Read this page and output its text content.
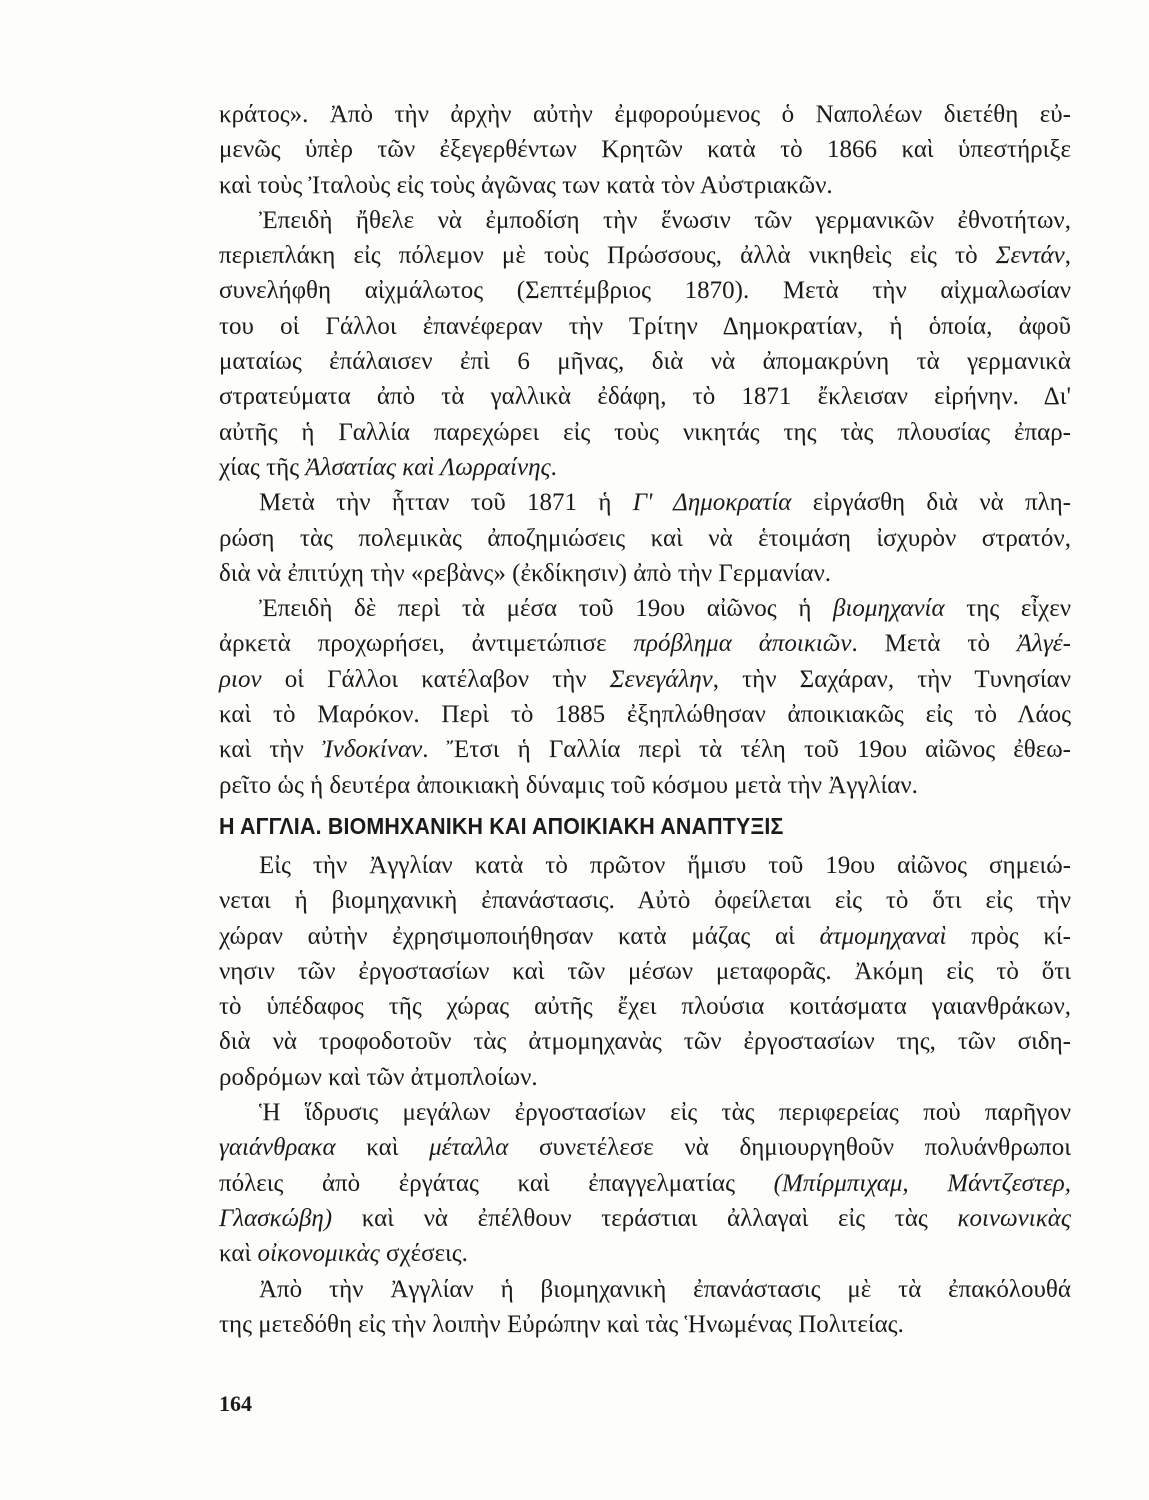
κράτος». Ἀπὸ τὴν ἀρχὴν αὐτὴν ἐμφορούμενος ὁ Ναπολέων διετέθη εὐ-
μενῶς ὑπὲρ τῶν ἐξεγερθέντων Κρητῶν κατὰ τὸ 1866 καὶ ὑπεστήριξε
καὶ τοὺς Ἰταλοὺς εἰς τοὺς ἀγῶνας των κατὰ τὸν Αὐστριακῶν.
Ἐπειδὴ ἤθελε νὰ ἐμποδίση τὴν ἕνωσιν τῶν γερμανικῶν ἐθνοτήτων,
περιεπλάκη εἰς πόλεμον μὲ τοὺς Πρώσσους, ἀλλὰ νικηθεὶς εἰς τὸ Σεντάν,
συνελήφθη αἰχμάλωτος (Σεπτέμβριος 1870). Μετὰ τὴν αἰχμαλωσίαν
του οἱ Γάλλοι ἐπανέφεραν τὴν Τρίτην Δημοκρατίαν, ἡ ὁποία, ἀφοῦ
ματαίως ἐπάλαισεν ἐπὶ 6 μῆνας, διὰ νὰ ἀπομακρύνη τὰ γερμανικὰ
στρατεύματα ἀπὸ τὰ γαλλικὰ ἐδάφη, τὸ 1871 ἔκλεισαν εἰρήνην. Δι'
αὐτῆς ἡ Γαλλία παρεχώρει εἰς τοὺς νικητάς της τὰς πλουσίας ἐπαρ-
χίας τῆς Ἀλσατίας καὶ Λωρραίνης.
Μετὰ τὴν ἧτταν τοῦ 1871 ἡ Γ' Δημοκρατία εἰργάσθη διὰ νὰ πλη-
ρώση τὰς πολεμικὰς ἀποζημιώσεις καὶ νὰ ἑτοιμάση ἰσχυρὸν στρατόν,
διὰ νὰ ἐπιτύχη τὴν «ρεβὰνς» (ἐκδίκησιν) ἀπὸ τὴν Γερμανίαν.
Ἐπειδὴ δὲ περὶ τὰ μέσα τοῦ 19ου αἰῶνος ἡ βιομηχανία της εἶχεν
ἀρκετὰ προχωρήσει, ἀντιμετώπισε πρόβλημα ἀποικιῶν. Μετὰ τὸ Ἀλγέ-
ριον οἱ Γάλλοι κατέλαβον τὴν Σενεγάλην, τὴν Σαχάραν, τὴν Τυνησίαν
καὶ τὸ Μαρόκον. Περὶ τὸ 1885 ἐξηπλώθησαν ἀποικιακῶς εἰς τὸ Λάος
καὶ τὴν Ἰνδοκίναν. Ἔτσι ἡ Γαλλία περὶ τὰ τέλη τοῦ 19ου αἰῶνος ἐθεω-
ρεῖτο ὡς ἡ δευτέρα ἀποικιακὴ δύναμις τοῦ κόσμου μετὰ τὴν Ἀγγλίαν.
Η ΑΓΓΛΙΑ. ΒΙΟΜΗΧΑΝΙΚΗ ΚΑΙ ΑΠΟΙΚΙΑΚΗ ΑΝΑΠΤΥΞΙΣ
Εἰς τὴν Ἀγγλίαν κατὰ τὸ πρῶτον ἥμισυ τοῦ 19ου αἰῶνος σημειώ-
νεται ἡ βιομηχανικὴ ἐπανάστασις. Αὐτὸ ὀφείλεται εἰς τὸ ὅτι εἰς τὴν
χώραν αὐτὴν ἐχρησιμοποιήθησαν κατὰ μάζας αἱ ἀτμομηχαναὶ πρὸς κί-
νησιν τῶν ἐργοστασίων καὶ τῶν μέσων μεταφορᾶς. Ἀκόμη εἰς τὸ ὅτι
τὸ ὑπέδαφος τῆς χώρας αὐτῆς ἔχει πλούσια κοιτάσματα γαιανθράκων,
διὰ νὰ τροφοδοτοῦν τὰς ἀτμομηχανὰς τῶν ἐργοστασίων της, τῶν σιδη-
ροδρόμων καὶ τῶν ἀτμοπλοίων.
Ἡ ἵδρυσις μεγάλων ἐργοστασίων εἰς τὰς περιφερείας ποὺ παρῆγον
γαιάνθρακα καὶ μέταλλα συνετέλεσε νὰ δημιουργηθοῦν πολυάνθρωποι
πόλεις ἀπὸ ἐργάτας καὶ ἐπαγγελματίας (Μπίρμπιχαμ, Μάντζεστερ,
Γλασκώβη) καὶ νὰ ἐπέλθουν τεράστιαι ἀλλαγαὶ εἰς τὰς κοινωνικὰς
καὶ οἰκονομικὰς σχέσεις.
Ἀπὸ τὴν Ἀγγλίαν ἡ βιομηχανικὴ ἐπανάστασις μὲ τὰ ἐπακόλουθά
της μετεδόθη εἰς τὴν λοιπὴν Εὐρώπην καὶ τὰς Ἡνωμένας Πολιτείας.
164
